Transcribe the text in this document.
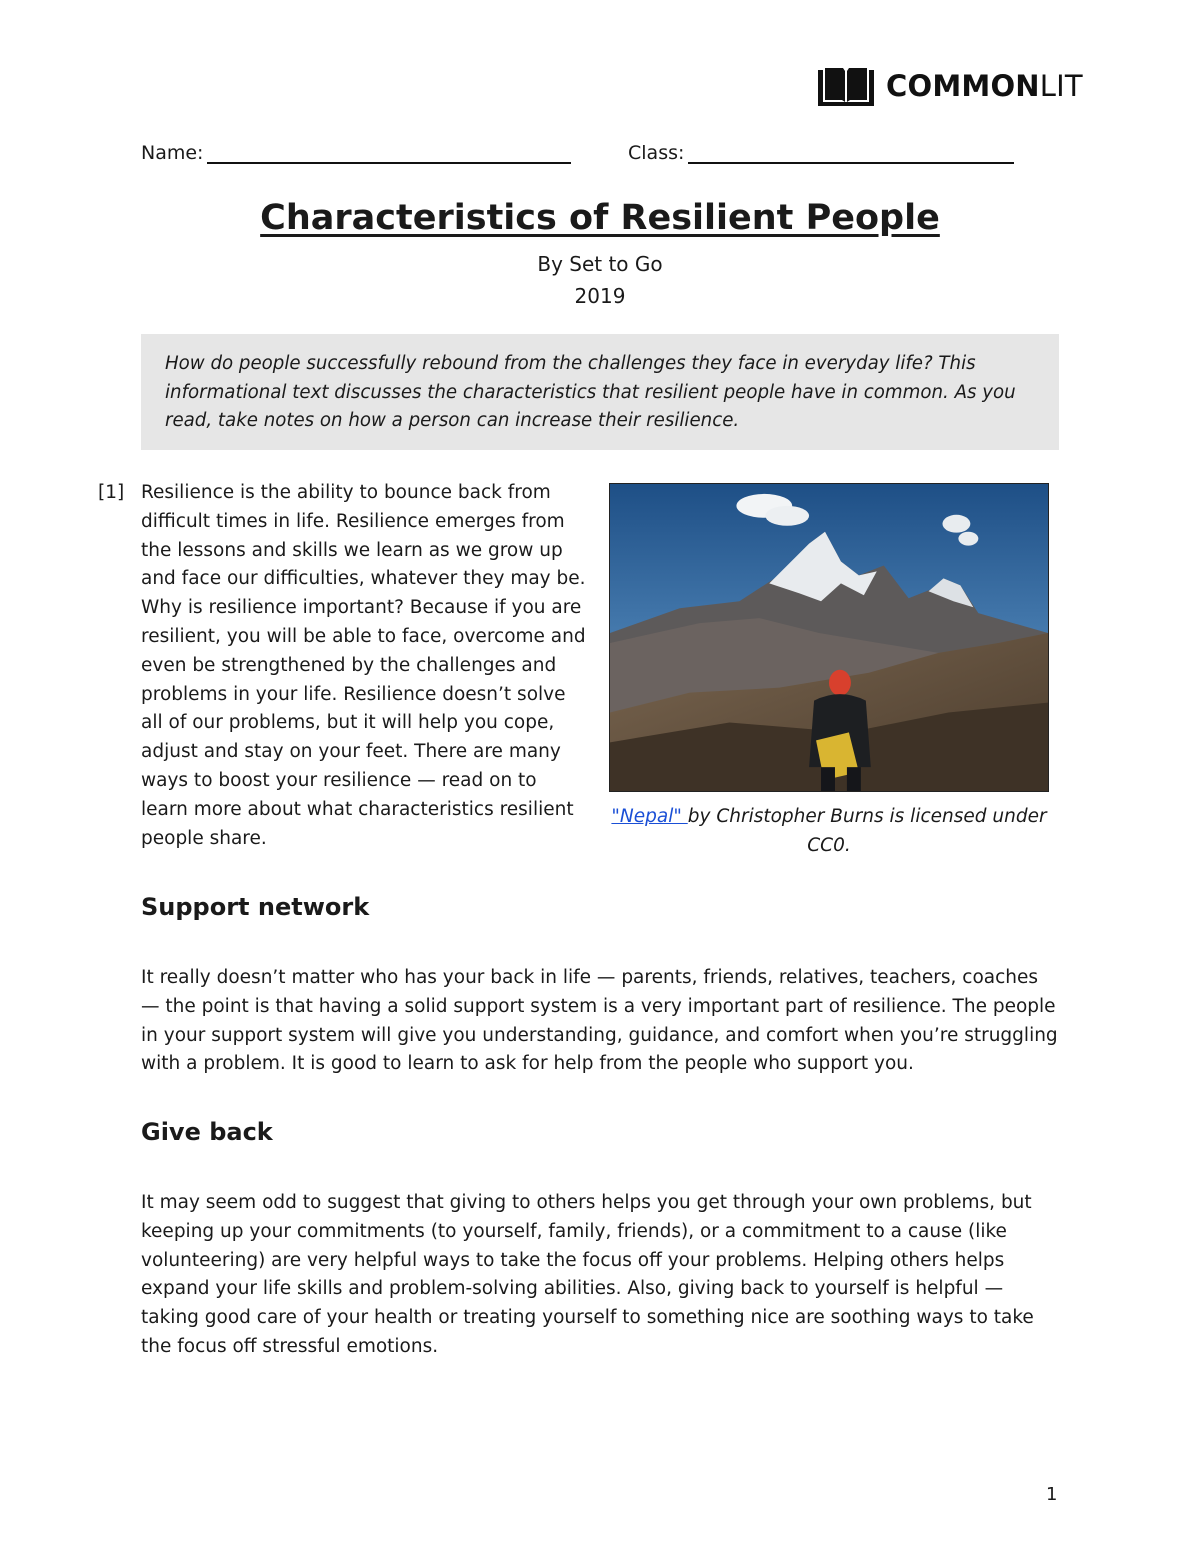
COMMONLIT
Name:	Class:
Characteristics of Resilient People
By Set to Go
2019
How do people successfully rebound from the challenges they face in everyday life? This informational text discusses the characteristics that resilient people have in common. As you read, take notes on how a person can increase their resilience.
[1] Resilience is the ability to bounce back from difficult times in life. Resilience emerges from the lessons and skills we learn as we grow up and face our difficulties, whatever they may be. Why is resilience important? Because if you are resilient, you will be able to face, overcome and even be strengthened by the challenges and problems in your life. Resilience doesn’t solve all of our problems, but it will help you cope, adjust and stay on your feet. There are many ways to boost your resilience — read on to learn more about what characteristics resilient people share.
"Nepal" by Christopher Burns is licensed under CC0.
Support network
It really doesn’t matter who has your back in life — parents, friends, relatives, teachers, coaches — the point is that having a solid support system is a very important part of resilience. The people in your support system will give you understanding, guidance, and comfort when you’re struggling with a problem. It is good to learn to ask for help from the people who support you.
Give back
It may seem odd to suggest that giving to others helps you get through your own problems, but keeping up your commitments (to yourself, family, friends), or a commitment to a cause (like volunteering) are very helpful ways to take the focus off your problems. Helping others helps expand your life skills and problem-solving abilities. Also, giving back to yourself is helpful — taking good care of your health or treating yourself to something nice are soothing ways to take the focus off stressful emotions.
1
